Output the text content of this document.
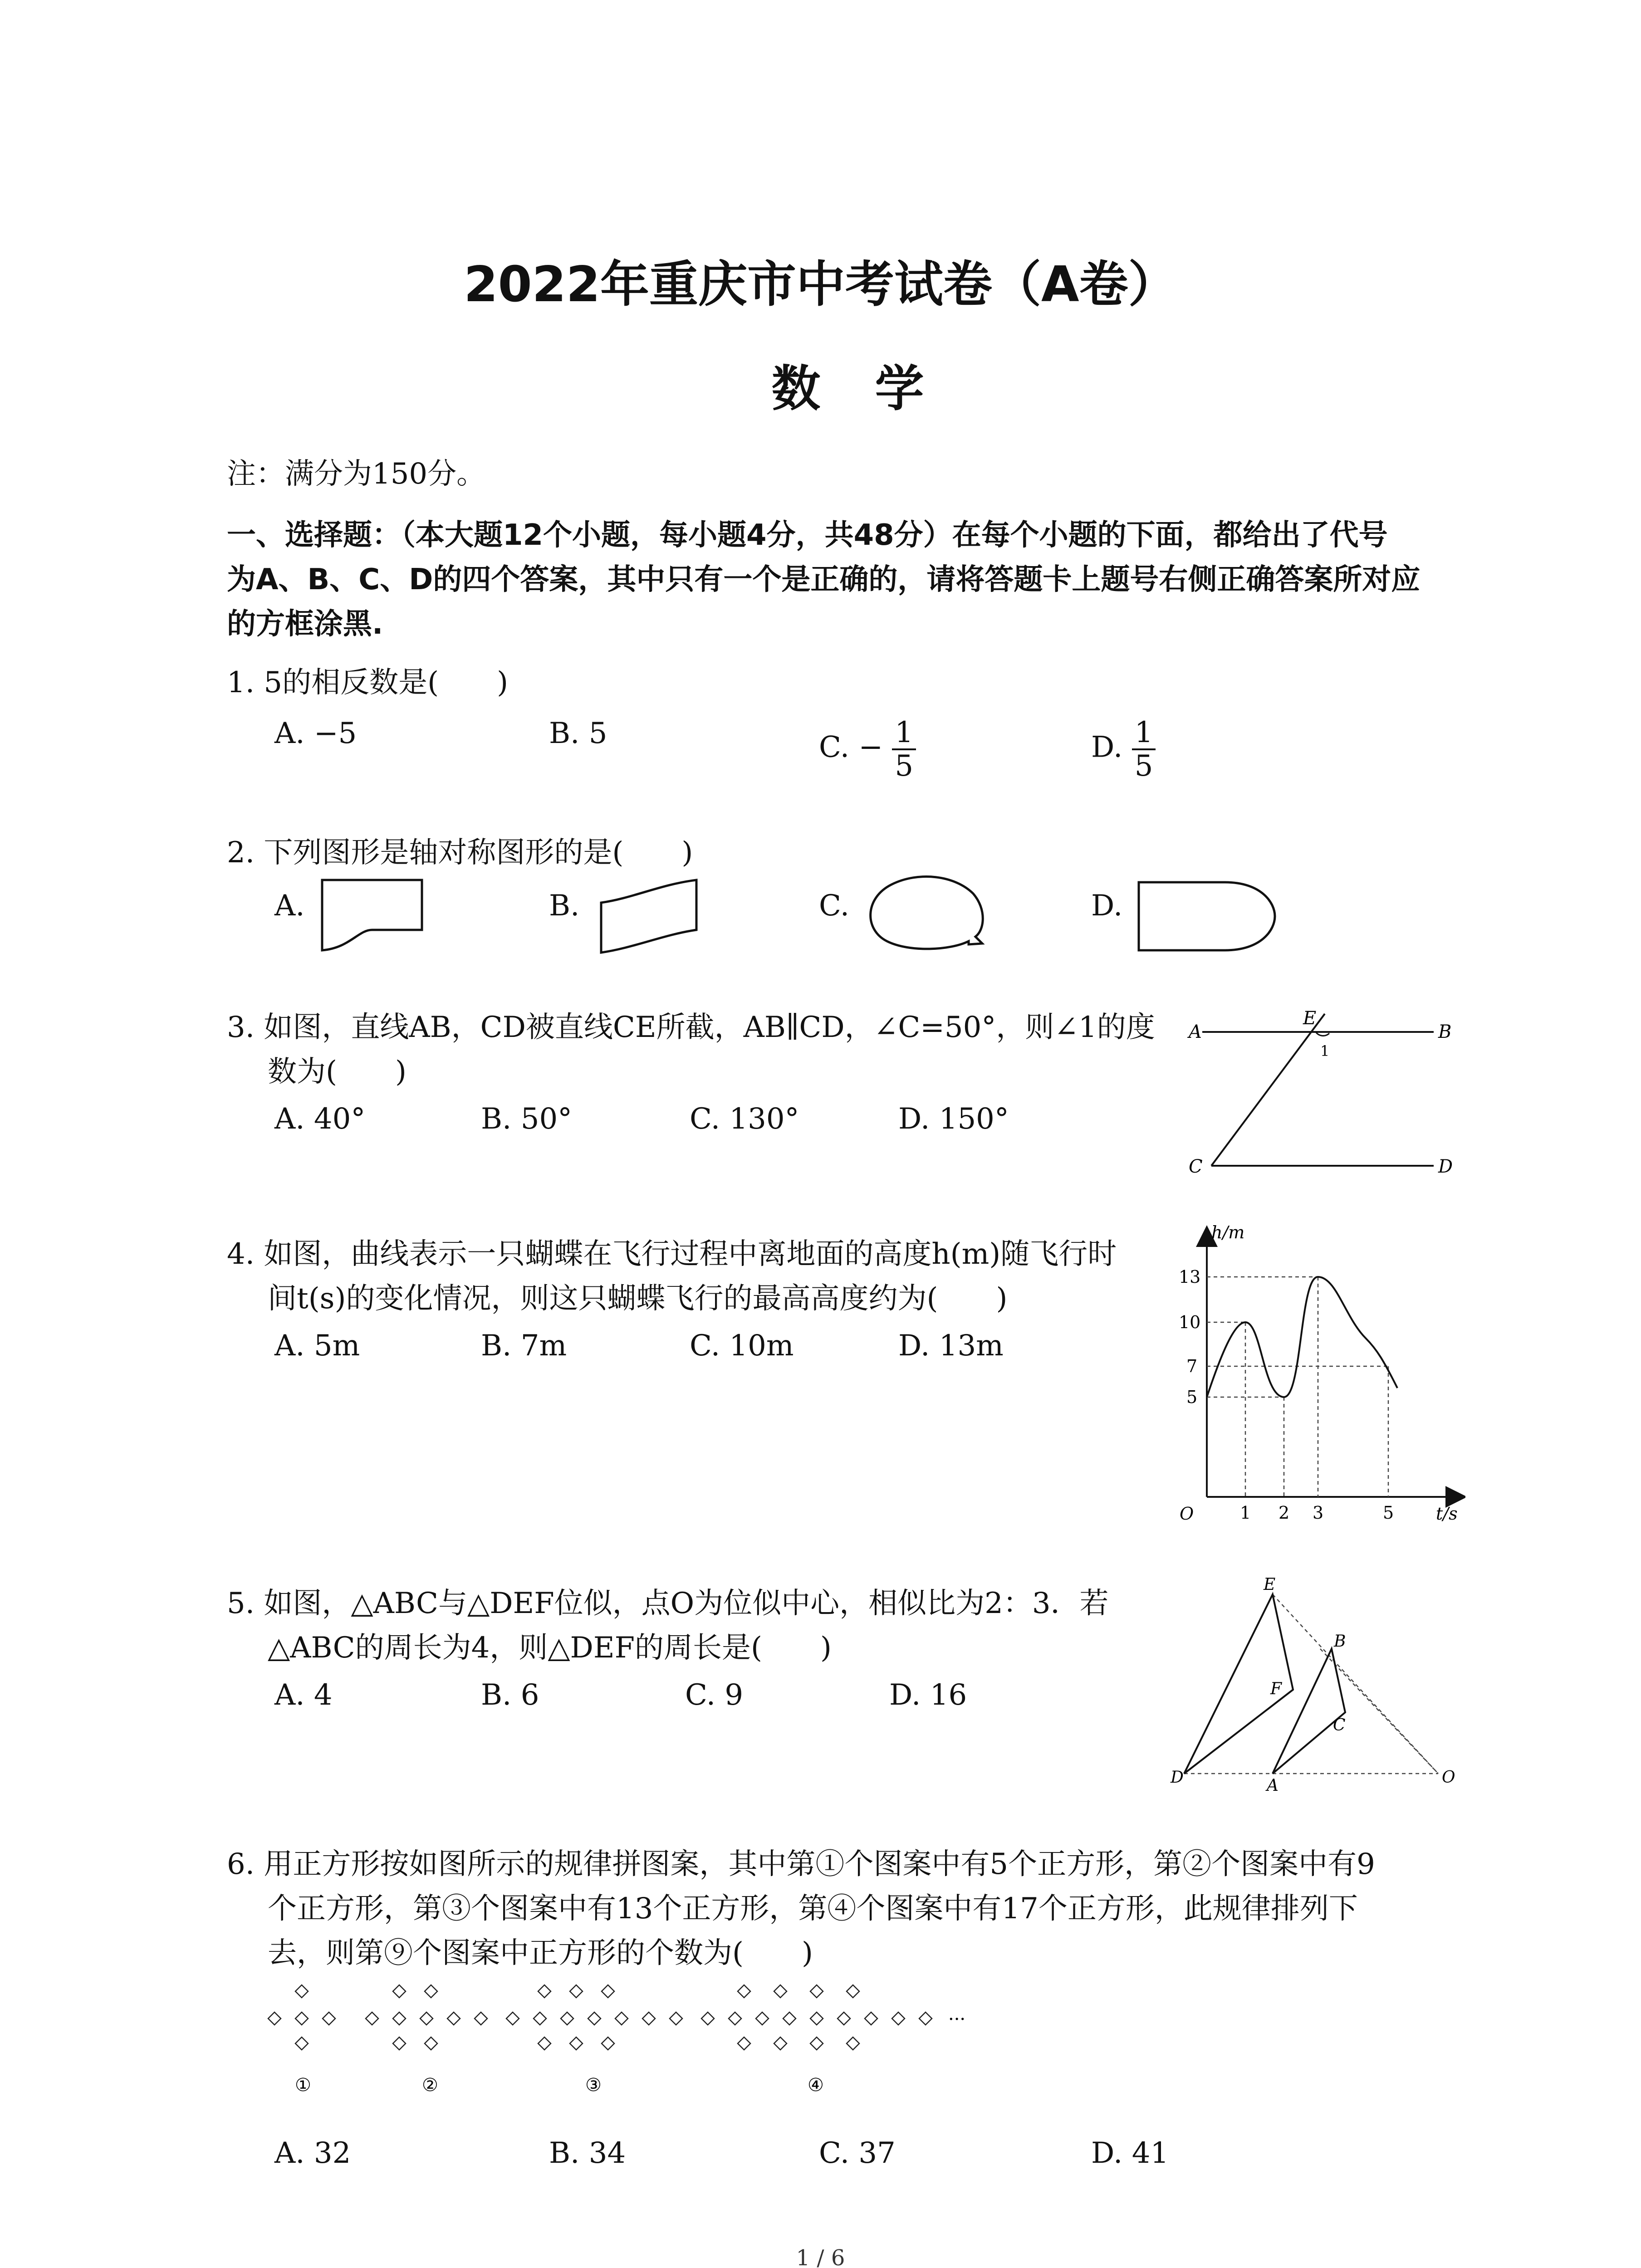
2022年重庆市中考试卷（A卷）
数学
注：满分为150分。
一、选择题：（本大题12个小题，每小题4分，共48分）在每个小题的下面，都给出了代号
为A、B、C、D的四个答案，其中只有一个是正确的，请将答题卡上题号右侧正确答案所对应
的方框涂黑.
1. 5的相反数是(　　)
A. −5	B. 5	C. − $\frac{1}{5}$	D. $\frac{1}{5}$
2. 下列图形是轴对称图形的是(　　)
A.	B.	C.	D.
3. 如图，直线AB，CD被直线CE所截，AB∥CD，∠C=50°，则∠1的度
数为(　　)
A. 40°	B. 50°	C. 130°	D. 150°
A
E
B
1
C	D
4. 如图，曲线表示一只蝴蝶在飞行过程中离地面的高度h(m)随飞行时
间t(s)的变化情况，则这只蝴蝶飞行的最高高度约为(　　)
A. 5m	B. 7m	C. 10m	D. 13m
h/m
t/s
O
13
10
7
5
1 2 3	5
5. 如图，△ABC与△DEF位似，点O为位似中心，相似比为2：3．若
△ABC的周长为4，则△DEF的周长是(　　)
A. 4	B. 6	C. 9	D. 16
E
B
F
C
D	A	O
6. 用正方形按如图所示的规律拼图案，其中第①个图案中有5个正方形，第②个图案中有9
个正方形，第③个图案中有13个正方形，第④个图案中有17个正方形，此规律排列下
去，则第⑨个图案中正方形的个数为(　　)
···
①	②	③	④
A. 32	B. 34	C. 37	D. 41
1 / 6
